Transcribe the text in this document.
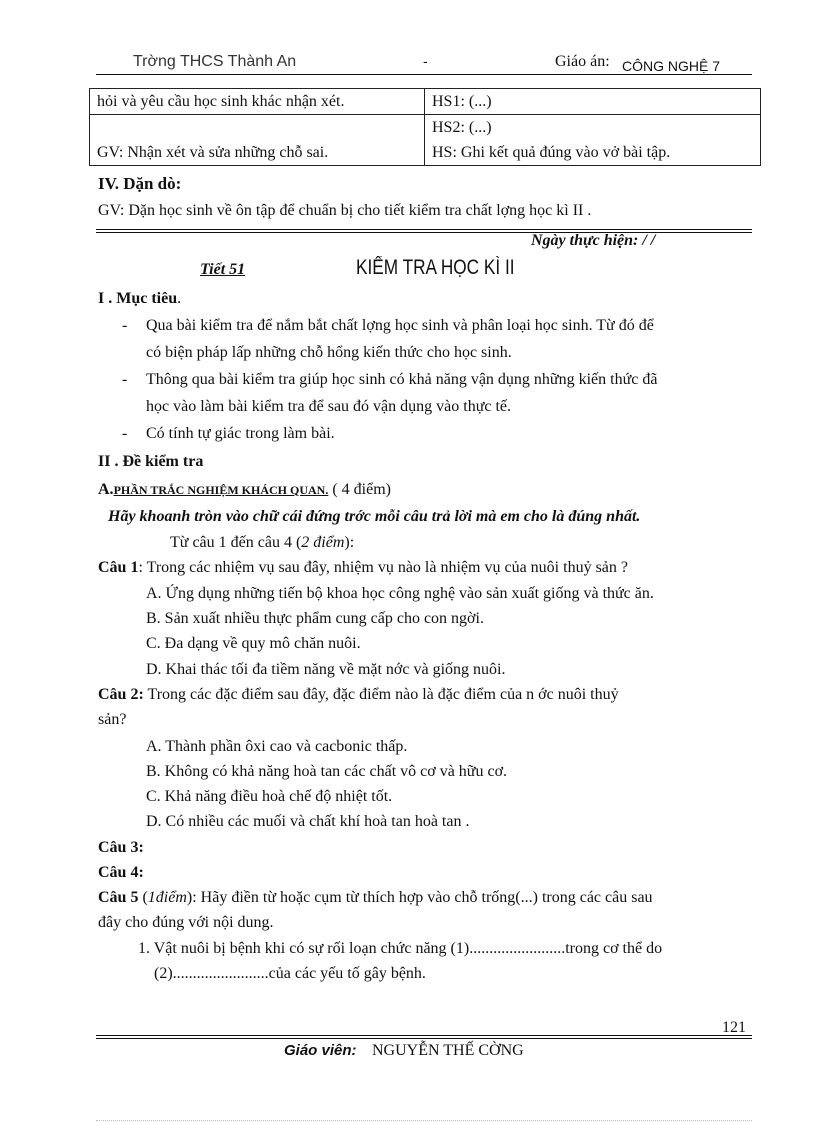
Trờng THCS Thành An	-	Giáo án: CÔNG NGHỆ 7
hỏi và yêu cầu học sinh khác nhận xét.	HS1: (...)
	HS2: (...)
GV: Nhận xét và sửa những chỗ sai.	HS: Ghi kết quả đúng vào vở bài tập.
IV. Dặn dò:
GV: Dặn học sinh về ôn tập để chuẩn bị cho tiết kiểm tra chất lợng học kì II .
Ngày thực hiện: / /
Tiết 51	KIỂM TRA HỌC KÌ II
I . Mục tiêu.
- Qua bài kiểm tra để nắm bắt chất lợng học sinh và phân loại học sinh. Từ đó để
có biện pháp lấp những chỗ hổng kiến thức cho học sinh.
- Thông qua bài kiểm tra giúp học sinh có khả năng vận dụng những kiến thức đã
học vào làm bài kiểm tra để sau đó vận dụng vào thực tế.
- Có tính tự giác trong làm bài.
II . Đề kiểm tra
A.PHẦN TRẮC NGHIỆM KHÁCH QUAN. ( 4 điểm)
Hãy khoanh tròn vào chữ cái đứng trớc mỗi câu trả lời mà em cho là đúng nhất.
Từ câu 1 đến câu 4 (2 điểm):
Câu 1: Trong các nhiệm vụ sau đây, nhiệm vụ nào là nhiệm vụ của nuôi thuỷ sản ?
A. Ứng dụng những tiến bộ khoa học công nghệ vào sản xuất giống và thức ăn.
B. Sản xuất nhiều thực phẩm cung cấp cho con ngời.
C. Đa dạng về quy mô chăn nuôi.
D. Khai thác tối đa tiềm năng về mặt nớc và giống nuôi.
Câu 2: Trong các đặc điểm sau đây, đặc điểm nào là đặc điểm của n ớc nuôi thuỷ
sản?
A. Thành phần ôxi cao và cacbonic thấp.
B. Không có khả năng hoà tan các chất vô cơ và hữu cơ.
C. Khả năng điều hoà chế độ nhiệt tốt.
D. Có nhiều các muối và chất khí hoà tan hoà tan .
Câu 3:
Câu 4:
Câu 5 (1điểm): Hãy điền từ hoặc cụm từ thích hợp vào chỗ trống(...) trong các câu sau
đây cho đúng với nội dung.
1. Vật nuôi bị bệnh khi có sự rối loạn chức năng (1)........................trong cơ thể do
(2)........................của các yếu tố gây bệnh.
121
Giáo viên: NGUYỄN THẾ CỜNG
